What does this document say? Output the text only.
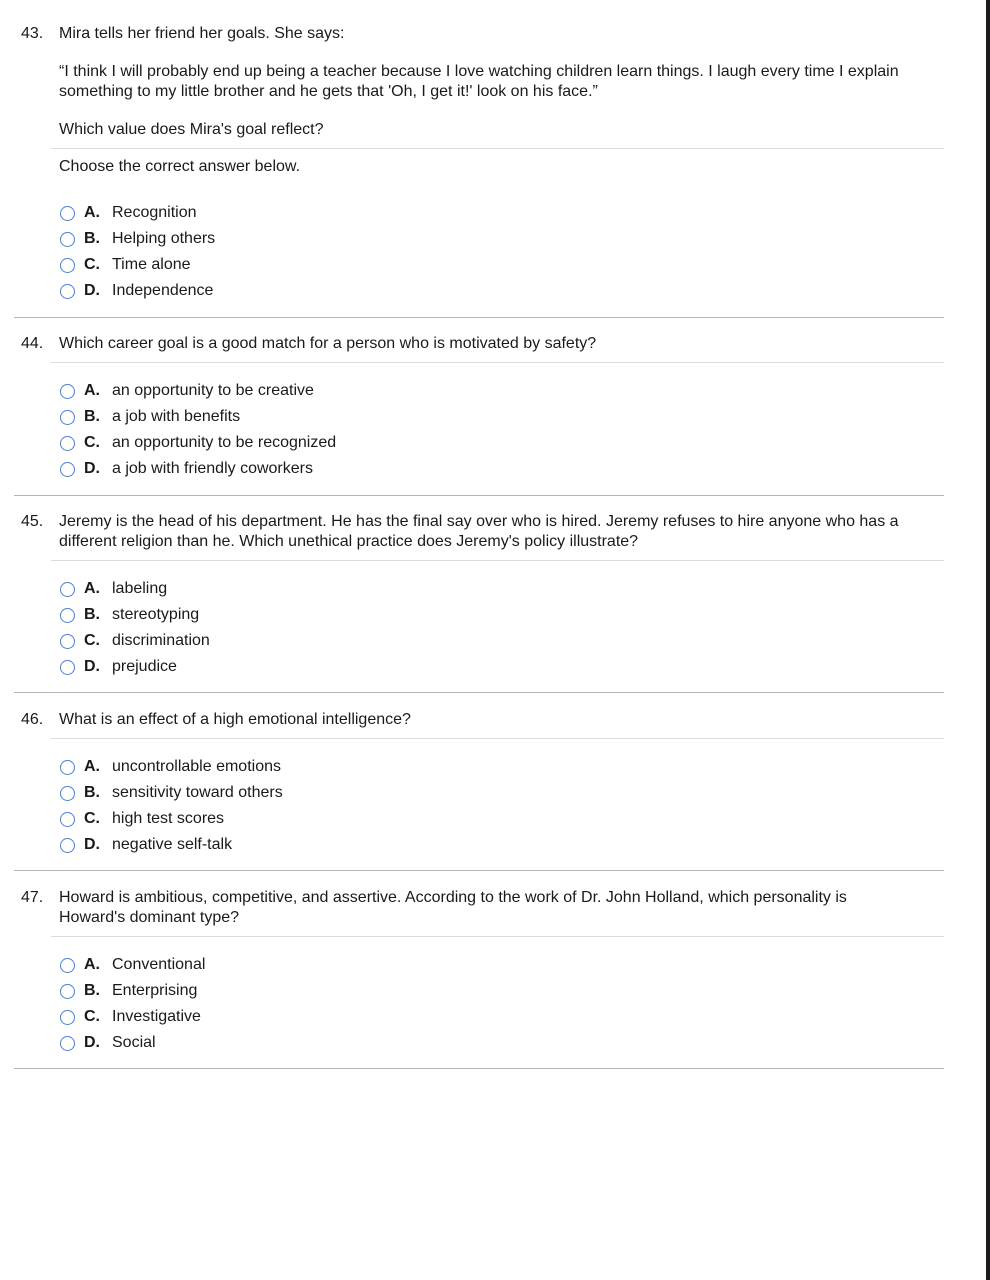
43. Mira tells her friend her goals. She says:
“I think I will probably end up being a teacher because I love watching children learn things. I laugh every time I explain something to my little brother and he gets that 'Oh, I get it!' look on his face.”
Which value does Mira's goal reflect?
Choose the correct answer below.
A. Recognition
B. Helping others
C. Time alone
D. Independence
44. Which career goal is a good match for a person who is motivated by safety?
A. an opportunity to be creative
B. a job with benefits
C. an opportunity to be recognized
D. a job with friendly coworkers
45. Jeremy is the head of his department. He has the final say over who is hired. Jeremy refuses to hire anyone who has a different religion than he. Which unethical practice does Jeremy's policy illustrate?
A. labeling
B. stereotyping
C. discrimination
D. prejudice
46. What is an effect of a high emotional intelligence?
A. uncontrollable emotions
B. sensitivity toward others
C. high test scores
D. negative self-talk
47. Howard is ambitious, competitive, and assertive. According to the work of Dr. John Holland, which personality is Howard's dominant type?
A. Conventional
B. Enterprising
C. Investigative
D. Social
